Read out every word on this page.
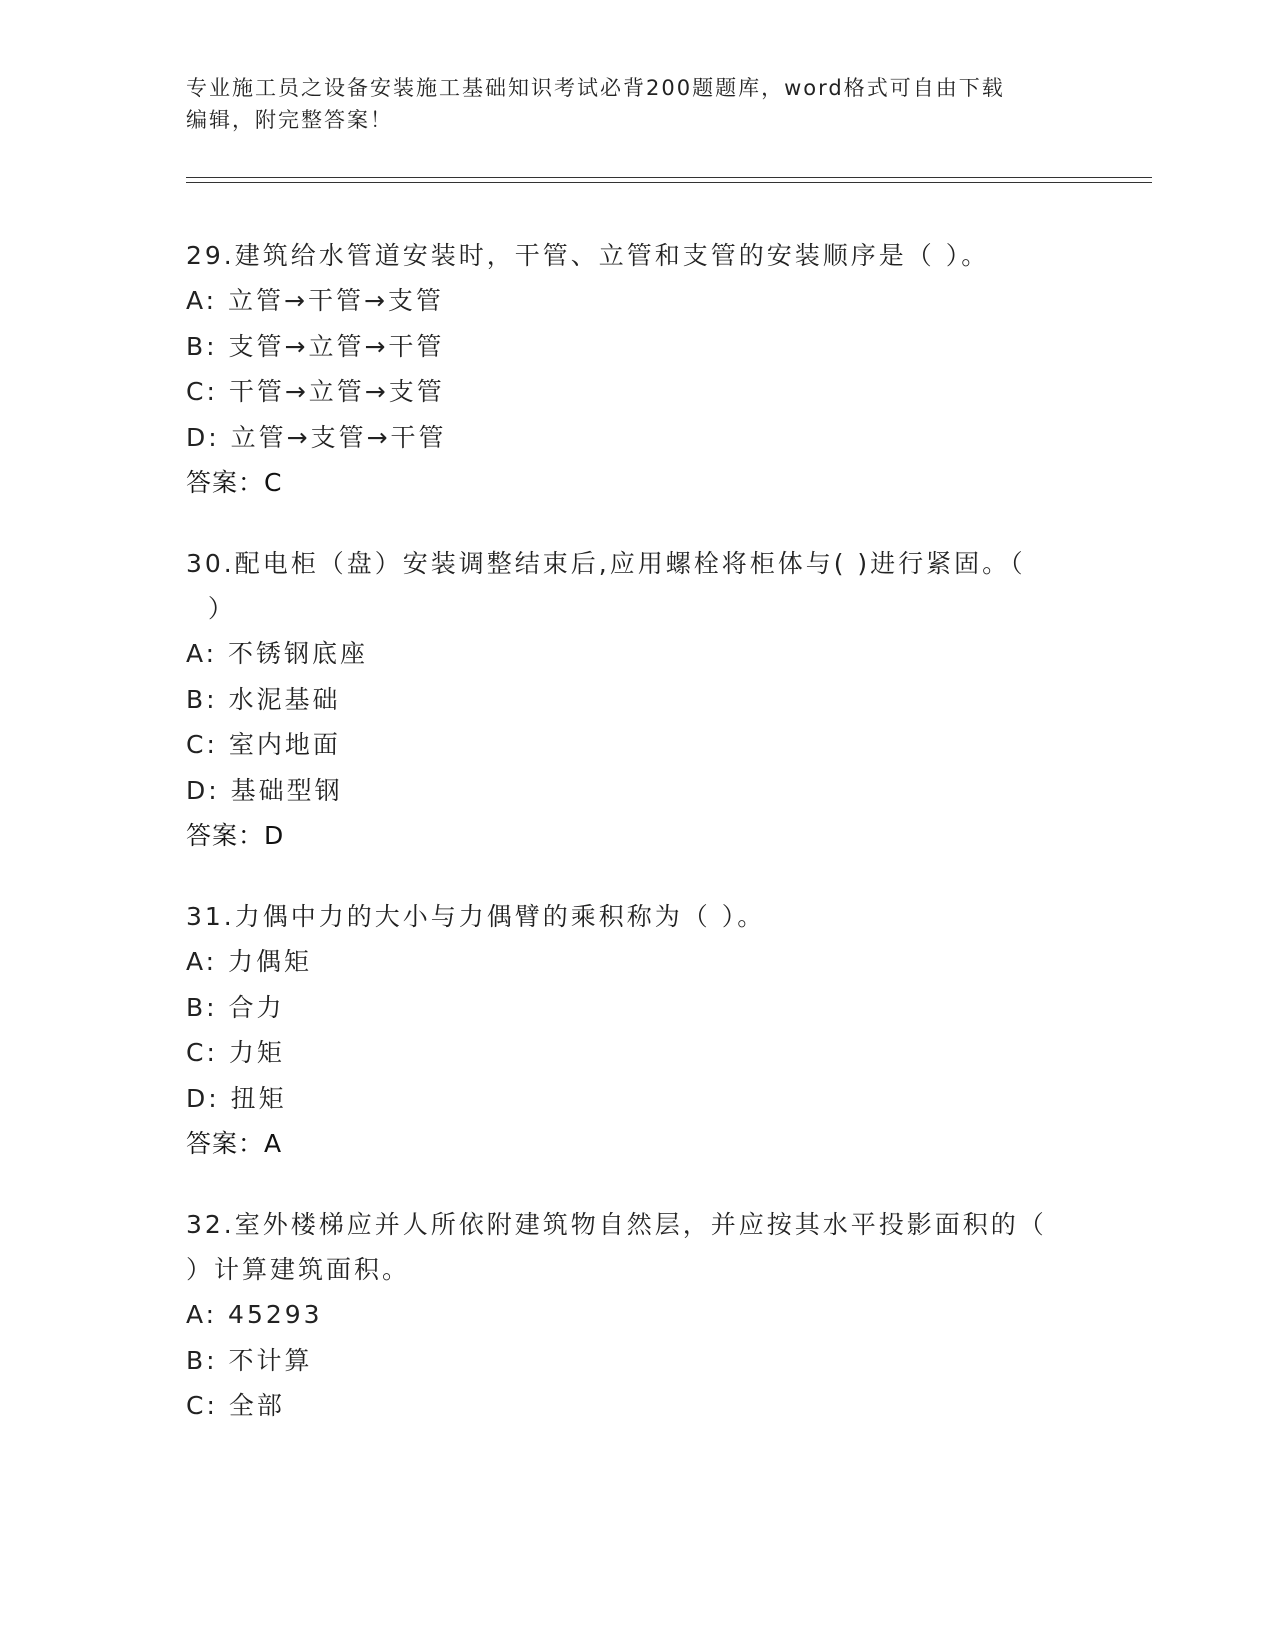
专业施工员之设备安装施工基础知识考试必背200题题库，word格式可自由下载
编辑，附完整答案！
29.建筑给水管道安装时，干管、立管和支管的安装顺序是（ ）。
A: 立管→干管→支管
B: 支管→立管→干管
C: 干管→立管→支管
D: 立管→支管→干管
答案：C
30.配电柜（盘）安装调整结束后,应用螺栓将柜体与( )进行紧固。（
）
A: 不锈钢底座
B: 水泥基础
C: 室内地面
D: 基础型钢
答案：D
31.力偶中力的大小与力偶臂的乘积称为（ ）。
A: 力偶矩
B: 合力
C: 力矩
D: 扭矩
答案：A
32.室外楼梯应并人所依附建筑物自然层，并应按其水平投影面积的（
）计算建筑面积。
A: 45293
B: 不计算
C: 全部
